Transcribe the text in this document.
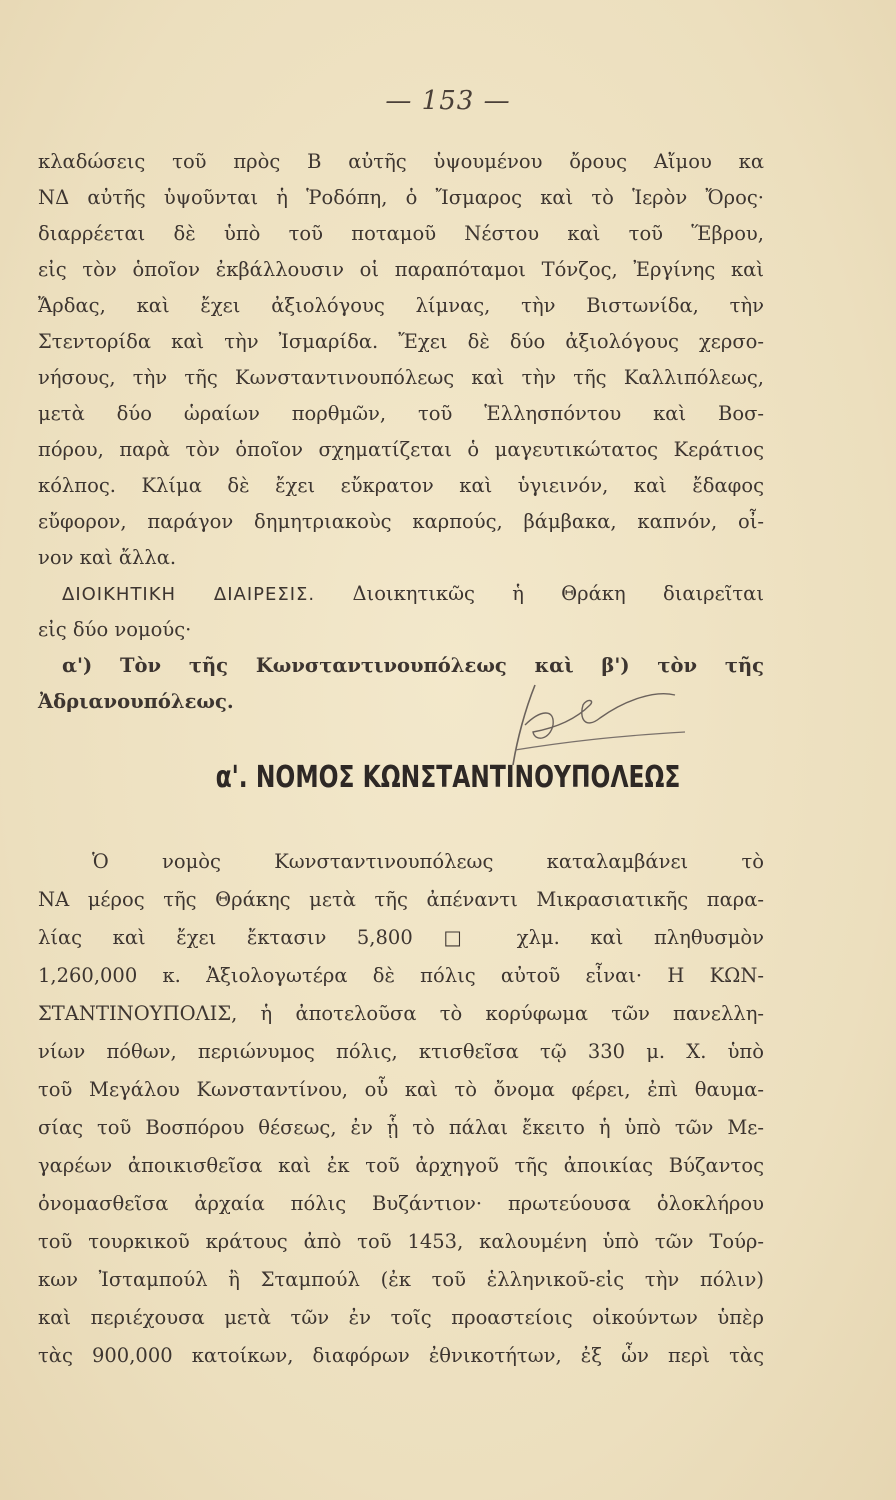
— 153 —
κλαδώσεις τοῦ πρὸς Β αὐτῆς ὑψουμένου ὄρους Αἴμου κα
ΝΔ αὐτῆς ὑψοῦνται ἡ Ῥοδόπη, ὁ Ἴσμαρος καὶ τὸ Ἱερὸν Ὄρος·
διαρρέεται δὲ ὑπὸ τοῦ ποταμοῦ Νέστου καὶ τοῦ Ἕβρου,
εἰς τὸν ὁποῖον ἐκβάλλουσιν οἱ παραπόταμοι Τόνζος, Ἐργίνης καὶ
Ἄρδας, καὶ ἔχει ἀξιολόγους λίμνας, τὴν Βιστωνίδα, τὴν
Στεντορίδα καὶ τὴν Ἰσμαρίδα. Ἔχει δὲ δύο ἀξιολόγους χερσο-
νήσους, τὴν τῆς Κωνσταντινουπόλεως καὶ τὴν τῆς Καλλιπόλεως,
μετὰ δύο ὡραίων πορθμῶν, τοῦ Ἑλλησπόντου καὶ Βοσ-
πόρου, παρὰ τὸν ὁποῖον σχηματίζεται ὁ μαγευτικώτατος Κεράτιος
κόλπος. Κλίμα δὲ ἔχει εὔκρατον καὶ ὑγιεινόν, καὶ ἔδαφος
εὔφορον, παράγον δημητριακοὺς καρπούς, βάμβακα, καπνόν, οἶ-
νον καὶ ἄλλα.
ΔΙΟΙΚΗΤΙΚΗ ΔΙΑΙΡΕΣΙΣ. Διοικητικῶς ἡ Θράκη διαιρεῖται
εἰς δύο νομούς·
α') Τὸν τῆς Κωνσταντινουπόλεως καὶ β') τὸν τῆς
Ἀδριανουπόλεως.
α'. ΝΟΜΟΣ ΚΩΝΣΤΑΝΤΙΝΟΥΠΟΛΕΩΣ
Ὁ νομὸς Κωνσταντινουπόλεως καταλαμβάνει τὸ
ΝΑ μέρος τῆς Θράκης μετὰ τῆς ἀπέναντι Μικρασιατικῆς παρα-
λίας καὶ ἔχει ἔκτασιν 5,800 □ χλμ. καὶ πληθυσμὸν
1,260,000 κ. Ἀξιολογωτέρα δὲ πόλις αὐτοῦ εἶναι· Η ΚΩΝ-
ΣΤΑΝΤΙΝΟΥΠΟΛΙΣ, ἡ ἀποτελοῦσα τὸ κορύφωμα τῶν πανελλη-
νίων πόθων, περιώνυμος πόλις, κτισθεῖσα τῷ 330 μ. Χ. ὑπὸ
τοῦ Μεγάλου Κωνσταντίνου, οὗ καὶ τὸ ὄνομα φέρει, ἐπὶ θαυμα-
σίας τοῦ Βοσπόρου θέσεως, ἐν ᾗ τὸ πάλαι ἔκειτο ἡ ὑπὸ τῶν Με-
γαρέων ἀποικισθεῖσα καὶ ἐκ τοῦ ἀρχηγοῦ τῆς ἀποικίας Βύζαντος
ὀνομασθεῖσα ἀρχαία πόλις Βυζάντιον· πρωτεύουσα ὁλοκλήρου
τοῦ τουρκικοῦ κράτους ἀπὸ τοῦ 1453, καλουμένη ὑπὸ τῶν Τούρ-
κων Ἰσταμπούλ ἢ Σταμπούλ (ἐκ τοῦ ἑλληνικοῦ-εἰς τὴν πόλιν)
καὶ περιέχουσα μετὰ τῶν ἐν τοῖς προαστείοις οἰκούντων ὑπὲρ
τὰς 900,000 κατοίκων, διαφόρων ἐθνικοτήτων, ἐξ ὧν περὶ τὰς
